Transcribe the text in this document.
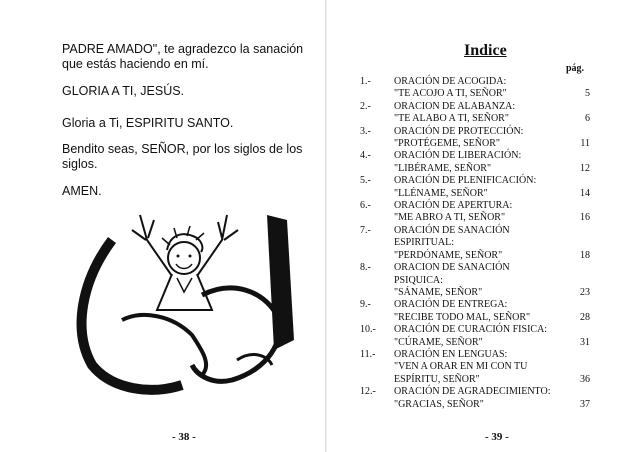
PADRE AMADO", te agradezco la sanación que estás haciendo en mí.

GLORIA A TI, JESÚS.

Gloria a Ti, ESPIRITU SANTO.

Bendito seas, SEÑOR, por los siglos de los siglos.

AMEN.

- 38 -
Indice
pág.
1.-	ORACIÓN DE ACOGIDA:
"TE ACOJO A TI, SEÑOR"	5
2.-	ORACION DE ALABANZA:
"TE ALABO A TI, SEÑOR"	6
3.-	ORACIÓN DE PROTECCIÓN:
"PROTÉGEME, SEÑOR"	11
4.-	ORACIÓN DE LIBERACIÓN:
"LIBÉRAME, SEÑOR"	12
5.-	ORACIÓN DE PLENIFICACIÓN:
"LLÉNAME, SEÑOR"	14
6.-	ORACIÓN DE APERTURA:
"ME ABRO A TI, SEÑOR"	16
7.-	ORACIÓN DE SANACIÓN
ESPIRITUAL:
"PERDÓNAME, SEÑOR"	18
8.-	ORACION DE SANACIÓN
PSIQUICA:
"SÁNAME, SEÑOR"	23
9.-	ORACIÓN DE ENTREGA:
"RECIBE TODO MAL, SEÑOR"	28
10.-	ORACIÓN DE CURACIÓN FISICA:
"CÚRAME, SEÑOR"	31
11.-	ORACIÓN EN LENGUAS:
"VEN A ORAR EN MI CON TU
ESPÍRITU, SEÑOR"	36
12.-	ORACIÓN DE AGRADECIMIENTO:
"GRACIAS, SEÑOR"	37
- 39 -
